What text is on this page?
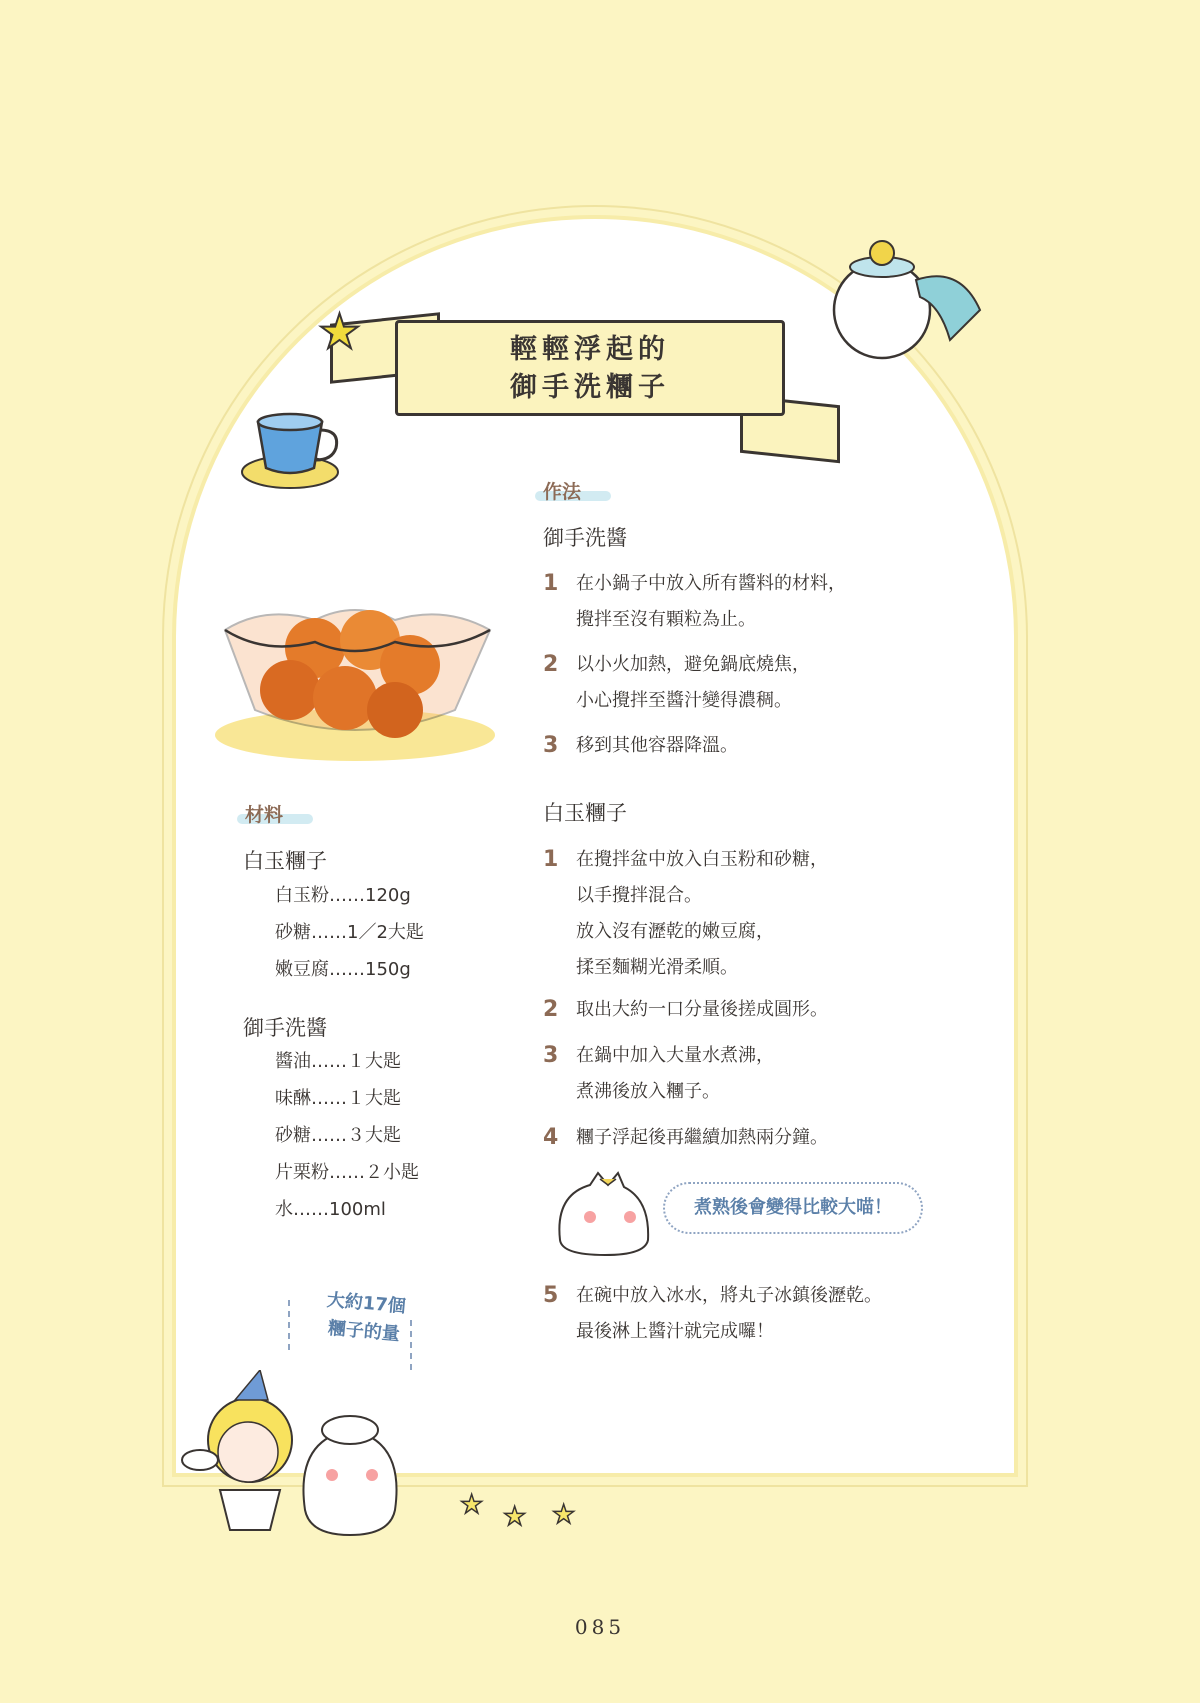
★ ★ ★
★	輕輕浮起的
御手洗糰子
材料
白玉糰子
白玉粉……120g
砂糖……1／2大匙
嫩豆腐……150g
御手洗醬
醬油……１大匙
味醂……１大匙
砂糖……３大匙
片栗粉……２小匙
水……100ml
大約17個
糰子的量
作法
御手洗醬
1 在小鍋子中放入所有醬料的材料，
攪拌至沒有顆粒為止。
2 以小火加熱，避免鍋底燒焦，
小心攪拌至醬汁變得濃稠。
3 移到其他容器降溫。
白玉糰子
1 在攪拌盆中放入白玉粉和砂糖，
以手攪拌混合。
放入沒有瀝乾的嫩豆腐，
揉至麵糊光滑柔順。
2 取出大約一口分量後搓成圓形。
3 在鍋中加入大量水煮沸，
煮沸後放入糰子。
4 糰子浮起後再繼續加熱兩分鐘。
煮熟後會變得比較大喵！
5 在碗中放入冰水，將丸子冰鎮後瀝乾。
最後淋上醬汁就完成囉！
085
